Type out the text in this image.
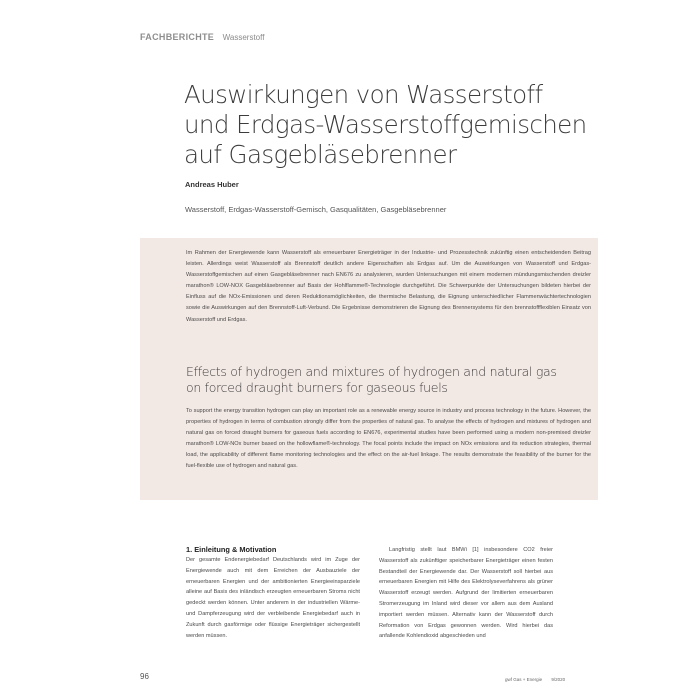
FACHBERICHTE Wasserstoff
Auswirkungen von Wasserstoff
und Erdgas-Wasserstoffgemischen
auf Gasgebläsebrenner
Andreas Huber
Wasserstoff, Erdgas-Wasserstoff-Gemisch, Gasqualitäten, Gasgebläsebrenner

Im Rahmen der Energiewende kann Wasserstoff als erneuerbarer Energieträger in der Industrie- und Prozesstechnik zukünftig einen entscheidenden Beitrag leisten. Allerdings weist Wasserstoff als Brennstoff deutlich andere Eigenschaften als Erdgas auf. Um die Auswirkungen von Wasserstoff und Erdgas-Wasserstoffgemischen auf einen Gasgebläsebrenner nach EN676 zu analysieren, wurden Untersuchungen mit einem modernen mündungsmischenden dreizler marathon® LOW-NOX Gasgebläsebrenner auf Basis der Hohlflamme®-Technologie durchgeführt. Die Schwerpunkte der Untersuchungen bildeten hierbei der Einfluss auf die NOx-Emissionen und deren Reduktionsmöglichkeiten, die thermische Belastung, die Eignung unterschiedlicher Flammenwächtertechnologien sowie die Auswirkungen auf den Brennstoff-Luft-Verbund. Die Ergebnisse demonstrieren die Eignung des Brennersystems für den brennstoffflexiblen Einsatz von Wasserstoff und Erdgas.

Effects of hydrogen and mixtures of hydrogen and natural gas
on forced draught burners for gaseous fuels

To support the energy transition hydrogen can play an important role as a renewable energy source in industry and process technology in the future. However, the properties of hydrogen in terms of combustion strongly differ from the properties of natural gas. To analyse the effects of hydrogen and mixtures of hydrogen and natural gas on forced draught burners for gaseous fuels according to EN676, experimental studies have been performed using a modern non-premixed dreizler marathon® LOW-NOx burner based on the hollowflame®-technology. The focal points include the impact on NOx emissions and its reduction strategies, thermal load, the applicability of different flame monitoring technologies and the effect on the air-fuel linkage. The results demonstrate the feasibility of the burner for the fuel-flexible use of hydrogen and natural gas.

1. Einleitung & Motivation

Der gesamte Endenergiebedarf Deutschlands wird im Zuge der Energiewende auch mit dem Erreichen der Ausbauziele der erneuerbaren Energien und der ambitionierten Energieeinsparziele alleine auf Basis des inländisch erzeugten erneuerbaren Stroms nicht gedeckt werden können. Unter anderem in der industriellen Wärme- und Dampferzeugung wird der verbleibende Energiebedarf auch in Zukunft durch gasförmige oder flüssige Energieträger sichergestellt werden müssen.

Langfristig stellt laut BMWi [1] insbesondere CO2 freier Wasserstoff als zukünftiger speicherbarer Energieträger einen festen Bestandteil der Energiewende dar. Der Wasserstoff soll hierbei aus erneuerbaren Energien mit Hilfe des Elektrolyseverfahrens als grüner Wasserstoff erzeugt werden. Aufgrund der limitierten erneuerbaren Stromerzeugung im Inland wird dieser vor allem aus dem Ausland importiert werden müssen. Alternativ kann der Wasserstoff durch Reformation von Erdgas gewonnen werden. Wird hierbei das anfallende Kohlendioxid abgeschieden und

96	gwf Gas + Energie 9/2020
